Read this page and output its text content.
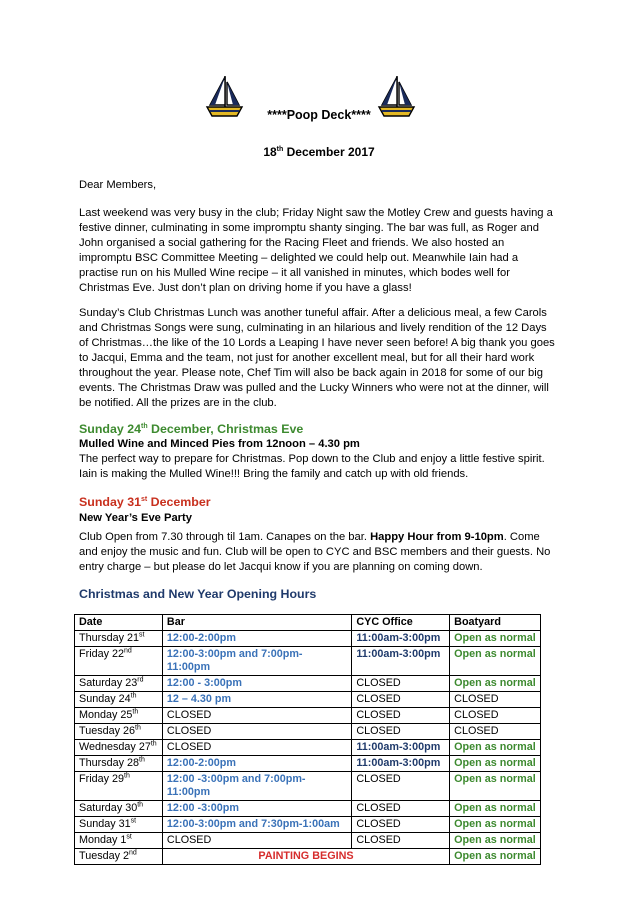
****Poop Deck****
18th December 2017

Dear Members,

Last weekend was very busy in the club; Friday Night saw the Motley Crew and guests having a festive dinner, culminating in some impromptu shanty singing. The bar was full, as Roger and John organised a social gathering for the Racing Fleet and friends. We also hosted an impromptu BSC Committee Meeting – delighted we could help out. Meanwhile Iain had a practise run on his Mulled Wine recipe – it all vanished in minutes, which bodes well for Christmas Eve. Just don’t plan on driving home if you have a glass!

Sunday’s Club Christmas Lunch was another tuneful affair. After a delicious meal, a few Carols and Christmas Songs were sung, culminating in an hilarious and lively rendition of the 12 Days of Christmas…the like of the 10 Lords a Leaping I have never seen before! A big thank you goes to Jacqui, Emma and the team, not just for another excellent meal, but for all their hard work throughout the year. Please note, Chef Tim will also be back again in 2018 for some of our big events. The Christmas Draw was pulled and the Lucky Winners who were not at the dinner, will be notified. All the prizes are in the club.

Sunday 24th December, Christmas Eve
Mulled Wine and Minced Pies from 12noon – 4.30 pm
The perfect way to prepare for Christmas. Pop down to the Club and enjoy a little festive spirit.
Iain is making the Mulled Wine!!! Bring the family and catch up with old friends.
Sunday 31st December
New Year’s Eve Party

Club Open from 7.30 through til 1am. Canapes on the bar. Happy Hour from 9-10pm. Come and enjoy the music and fun. Club will be open to CYC and BSC members and their guests. No entry charge – but please do let Jacqui know if you are planning on coming down.

Christmas and New Year Opening Hours
Date	Bar	CYC Office	Boatyard
Thursday 21st	12:00-2:00pm	11:00am-3:00pm	Open as normal
Friday 22nd	12:00-3:00pm and 7:00pm- 11:00pm	11:00am-3:00pm	Open as normal
Saturday 23rd	12:00 - 3:00pm	CLOSED	Open as normal
Sunday 24th	12 – 4.30 pm	CLOSED	CLOSED
Monday 25th	CLOSED	CLOSED	CLOSED
Tuesday 26th	CLOSED	CLOSED	CLOSED
Wednesday 27th	CLOSED	11:00am-3:00pm	Open as normal
Thursday 28th	12:00-2:00pm	11:00am-3:00pm	Open as normal
Friday 29th	12:00 -3:00pm and 7:00pm-11:00pm	CLOSED	Open as normal
Saturday 30th	12:00 -3:00pm	CLOSED	Open as normal
Sunday 31st	12:00-3:00pm and 7:30pm-1:00am	CLOSED	Open as normal
Monday 1st	CLOSED	CLOSED	Open as normal
Tuesday 2nd	PAINTING BEGINS		Open as normal
